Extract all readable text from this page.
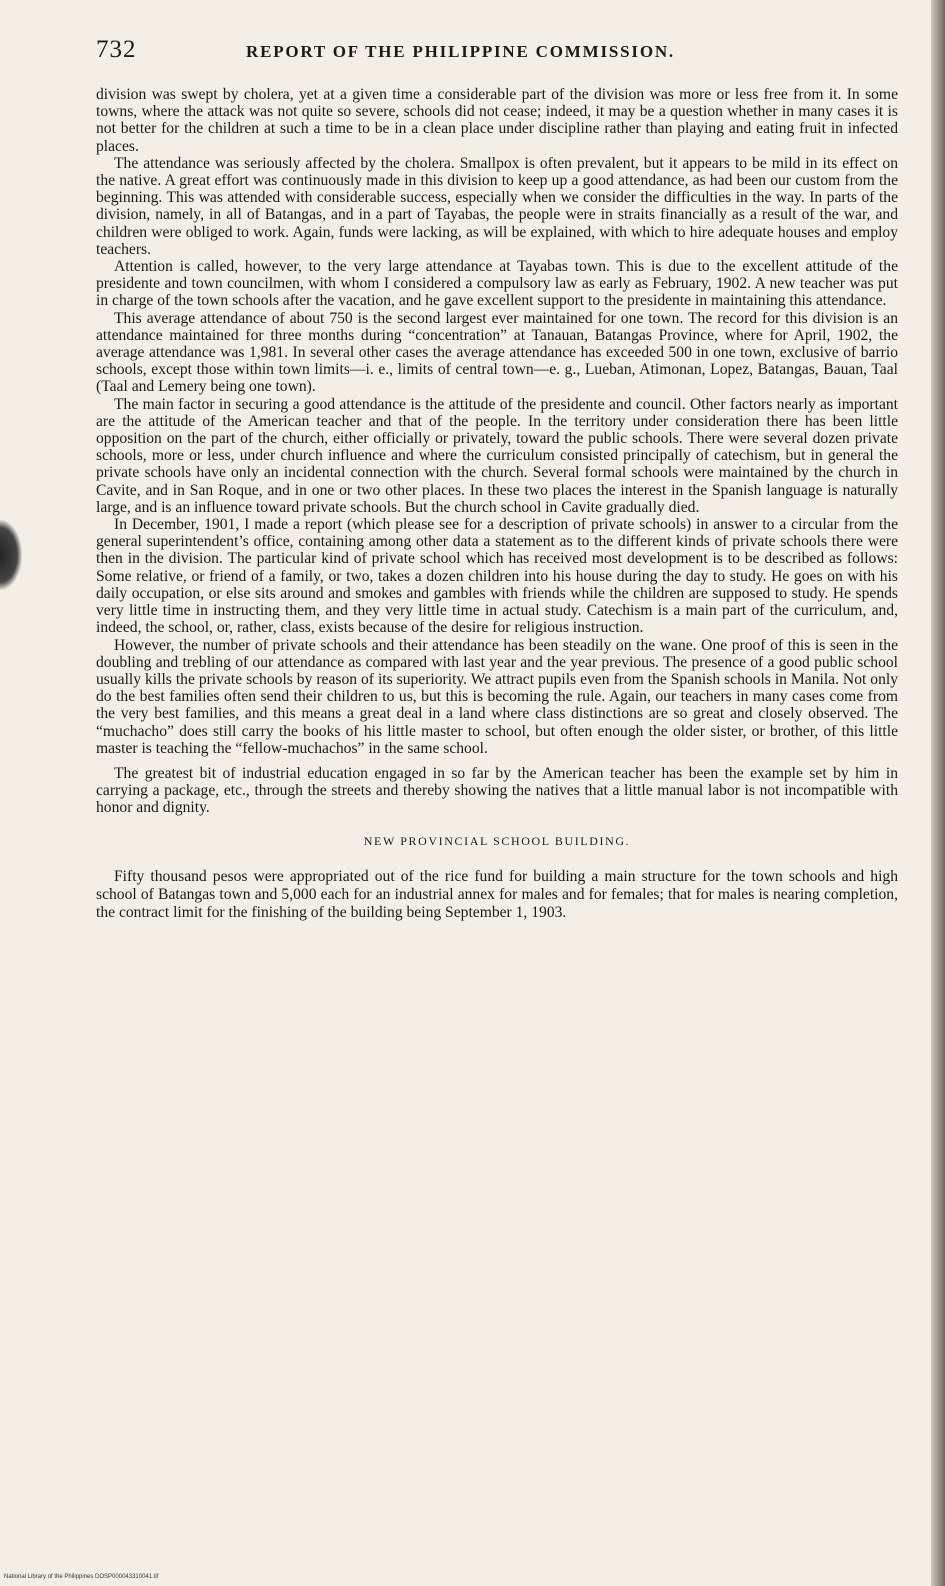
732	REPORT OF THE PHILIPPINE COMMISSION.

division was swept by cholera, yet at a given time a considerable part of the division was more or less free from it. In some towns, where the attack was not quite so severe, schools did not cease; indeed, it may be a question whether in many cases it is not better for the children at such a time to be in a clean place under discipline rather than playing and eating fruit in infected places.

The attendance was seriously affected by the cholera. Smallpox is often prevalent, but it appears to be mild in its effect on the native. A great effort was continuously made in this division to keep up a good attendance, as had been our custom from the beginning. This was attended with considerable success, especially when we consider the difficulties in the way. In parts of the division, namely, in all of Batangas, and in a part of Tayabas, the people were in straits financially as a result of the war, and children were obliged to work. Again, funds were lacking, as will be explained, with which to hire adequate houses and employ teachers.

Attention is called, however, to the very large attendance at Tayabas town. This is due to the excellent attitude of the presidente and town councilmen, with whom I considered a compulsory law as early as February, 1902. A new teacher was put in charge of the town schools after the vacation, and he gave excellent support to the presidente in maintaining this attendance.

This average attendance of about 750 is the second largest ever maintained for one town. The record for this division is an attendance maintained for three months during “concentration” at Tanauan, Batangas Province, where for April, 1902, the average attendance was 1,981. In several other cases the average attendance has exceeded 500 in one town, exclusive of barrio schools, except those within town limits—i. e., limits of central town—e. g., Lueban, Atimonan, Lopez, Batangas, Bauan, Taal (Taal and Lemery being one town).

The main factor in securing a good attendance is the attitude of the presidente and council. Other factors nearly as important are the attitude of the American teacher and that of the people. In the territory under consideration there has been little opposition on the part of the church, either officially or privately, toward the public schools. There were several dozen private schools, more or less, under church influence and where the curriculum consisted principally of catechism, but in general the private schools have only an incidental connection with the church. Several formal schools were maintained by the church in Cavite, and in San Roque, and in one or two other places. In these two places the interest in the Spanish language is naturally large, and is an influence toward private schools. But the church school in Cavite gradually died.

In December, 1901, I made a report (which please see for a description of private schools) in answer to a circular from the general superintendent’s office, containing among other data a statement as to the different kinds of private schools there were then in the division. The particular kind of private school which has received most development is to be described as follows: Some relative, or friend of a family, or two, takes a dozen children into his house during the day to study. He goes on with his daily occupation, or else sits around and smokes and gambles with friends while the children are supposed to study. He spends very little time in instructing them, and they very little time in actual study. Catechism is a main part of the curriculum, and, indeed, the school, or, rather, class, exists because of the desire for religious instruction.

However, the number of private schools and their attendance has been steadily on the wane. One proof of this is seen in the doubling and trebling of our attendance as compared with last year and the year previous. The presence of a good public school usually kills the private schools by reason of its superiority. We attract pupils even from the Spanish schools in Manila. Not only do the best families often send their children to us, but this is becoming the rule. Again, our teachers in many cases come from the very best families, and this means a great deal in a land where class distinctions are so great and closely observed. The “muchacho” does still carry the books of his little master to school, but often enough the older sister, or brother, of this little master is teaching the “fellow-muchachos” in the same school.

The greatest bit of industrial education engaged in so far by the American teacher has been the example set by him in carrying a package, etc., through the streets and thereby showing the natives that a little manual labor is not incompatible with honor and dignity.

NEW PROVINCIAL SCHOOL BUILDING.

Fifty thousand pesos were appropriated out of the rice fund for building a main structure for the town schools and high school of Batangas town and 5,000 each for an industrial annex for males and for females; that for males is nearing completion, the contract limit for the finishing of the building being September 1, 1903.

National Library of the Philippines DOSP000043310041.tif
